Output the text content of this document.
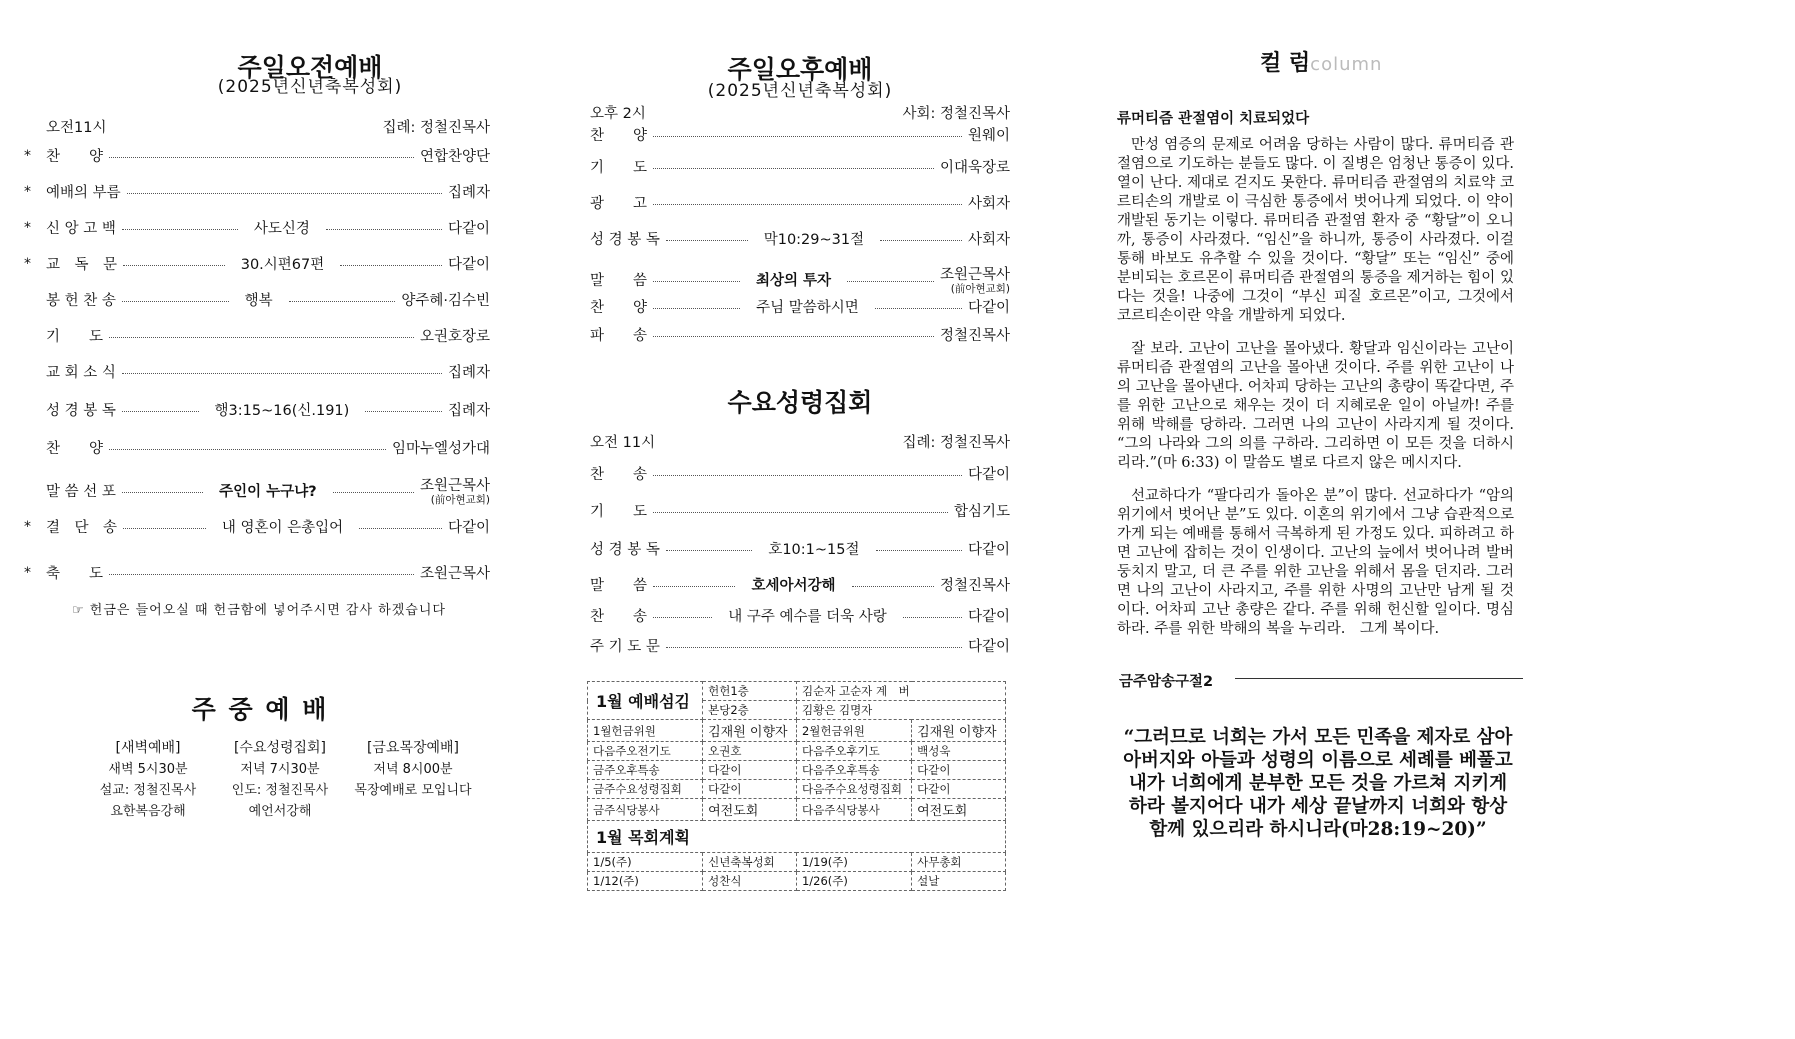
주일오전예배
(2025년신년축복성회)
오전11시	집례: 정철진목사
*	찬　　양	연합찬양단
*	예배의 부름	집례자
*	신 앙 고 백	사도신경	다같이
*	교　독　문	30.시편67편	다같이
봉 헌 찬 송	행복	양주혜·김수빈
기　　도	오권호장로
교 회 소 식	집례자
성 경 봉 독	행3:15~16(신.191)	집례자
찬　　양	임마누엘성가대
말 씀 선 포	주인이 누구냐?	조원근목사
(前아현교회)
*	결　단　송	내 영혼이 은총입어	다같이
*	축　　도	조원근목사
☞ 헌금은 들어오실 때 헌금함에 넣어주시면 감사 하겠습니다
주 중 예 배
[새벽예배]
새벽 5시30분
설교: 정철진목사
요한복음강해
[수요성령집회]
저녁 7시30분
인도: 정철진목사
예언서강해
[금요목장예배]
저녁 8시00분
목장예배로 모입니다
주일오후예배
(2025년신년축복성회)
오후 2시	사회: 정철진목사
찬　　양	원웨이
기　　도	이대욱장로
광　　고	사회자
성 경 봉 독	막10:29~31절	사회자
말　　씀	최상의 투자	조원근목사
(前아현교회)
찬　　양	주님 말씀하시면	다같이
파　　송	정철진목사
수요성령집회
오전 11시	집례: 정철진목사
찬　　송	다같이
기　　도	합심기도
성 경 봉 독	호10:1~15절	다같이
말　　씀	호세아서강해	정철진목사
찬　　송	내 구주 예수를 더욱 사랑	다같이
주 기 도 문	다같이
1월 예배섬김	헌헌1층	김순자 고순자 계　버	
	본당2층	김황은 김명자	
1월헌금위원	김재원 이향자	2월헌금위원	김재원 이향자
다음주오전기도	오권호	다음주오후기도	백성욱
금주오후특송	다같이	다음주오후특송	다같이
금주수요성령집회	다같이	다음주수요성령집회	다같이
금주식당봉사	여전도회	다음주식당봉사	여전도회
1월 목회계획			
1/5(주)	신년축복성회	1/19(주)	사무총회
1/12(주)	성찬식	1/26(주)	설날
컬 럼column
류머티즘 관절염이 치료되었다

만성 염증의 문제로 어려움 당하는 사람이 많다. 류머티즘 관절염으로 기도하는 분들도 많다. 이 질병은 엄청난 통증이 있다. 열이 난다. 제대로 걷지도 못한다. 류머티즘 관절염의 치료약 코르티손의 개발로 이 극심한 통증에서 벗어나게 되었다. 이 약이 개발된 동기는 이렇다. 류머티즘 관절염 환자 중 “황달”이 오니까, 통증이 사라졌다. “임신”을 하니까, 통증이 사라졌다. 이걸 통해 바보도 유추할 수 있을 것이다. “황달” 또는 “임신” 중에 분비되는 호르몬이 류머티즘 관절염의 통증을 제거하는 힘이 있다는 것을! 나중에 그것이 “부신 피질 호르몬”이고, 그것에서 코르티손이란 약을 개발하게 되었다.

잘 보라. 고난이 고난을 몰아냈다. 황달과 임신이라는 고난이 류머티즘 관절염의 고난을 몰아낸 것이다. 주를 위한 고난이 나의 고난을 몰아낸다. 어차피 당하는 고난의 총량이 똑같다면, 주를 위한 고난으로 채우는 것이 더 지혜로운 일이 아닐까! 주를 위해 박해를 당하라. 그러면 나의 고난이 사라지게 될 것이다. “그의 나라와 그의 의를 구하라. 그리하면 이 모든 것을 더하시리라.”(마 6:33) 이 말씀도 별로 다르지 않은 메시지다.

선교하다가 “팔다리가 돌아온 분”이 많다. 선교하다가 “암의 위기에서 벗어난 분”도 있다. 이혼의 위기에서 그냥 습관적으로 가게 되는 예배를 통해서 극복하게 된 가정도 있다. 피하려고 하면 고난에 잡히는 것이 인생이다. 고난의 늪에서 벗어나려 발버둥치지 말고, 더 큰 주를 위한 고난을 위해서 몸을 던지라. 그러면 나의 고난이 사라지고, 주를 위한 사명의 고난만 남게 될 것이다. 어차피 고난 총량은 같다. 주를 위해 헌신할 일이다. 명심하라. 주를 위한 박해의 복을 누리라.　그게 복이다.

금주암송구절2
“그러므로 너희는 가서 모든 민족을 제자로 삼아 아버지와 아들과 성령의 이름으로 세례를 베풀고 내가 너희에게 분부한 모든 것을 가르쳐 지키게 하라 볼지어다 내가 세상 끝날까지 너희와 항상 함께 있으리라 하시니라(마28:19~20)”
